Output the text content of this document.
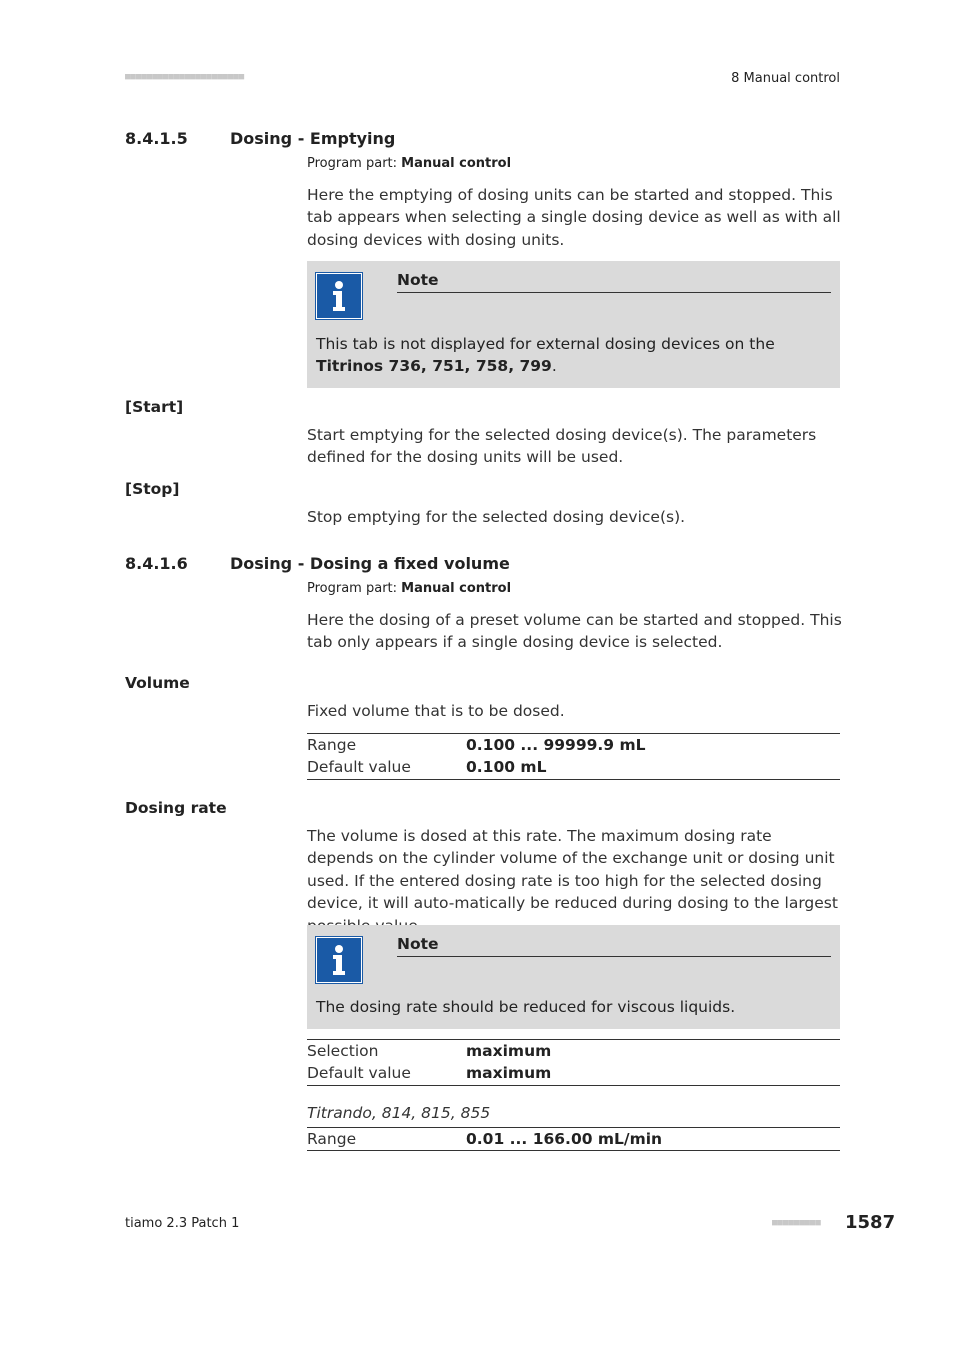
■■■■■■■■■■■■■■■■■■■■■■	8 Manual control
8.4.1.5	Dosing - Emptying
Program part: Manual control
Here the emptying of dosing units can be started and stopped. This tab appears when selecting a single dosing device as well as with all dosing devices with dosing units.
Note
This tab is not displayed for external dosing devices on the Titrinos 736, 751, 758, 799.
[Start]
Start emptying for the selected dosing device(s). The parameters defined for the dosing units will be used.
[Stop]
Stop emptying for the selected dosing device(s).
8.4.1.6	Dosing - Dosing a fixed volume
Program part: Manual control
Here the dosing of a preset volume can be started and stopped. This tab only appears if a single dosing device is selected.
Volume
Fixed volume that is to be dosed.
Range	0.100 ... 99999.9 mL
Default value	0.100 mL
Dosing rate
The volume is dosed at this rate. The maximum dosing rate depends on the cylinder volume of the exchange unit or dosing unit used. If the entered dosing rate is too high for the selected dosing device, it will auto-matically be reduced during dosing to the largest
Note
The dosing rate should be reduced for viscous liquids.
Selection	maximum
Default value	maximum
Titrando, 814, 815, 855
Range	0.01 ... 166.00 mL/min
tiamo 2.3 Patch 1	■■■■■■■■■	1587
